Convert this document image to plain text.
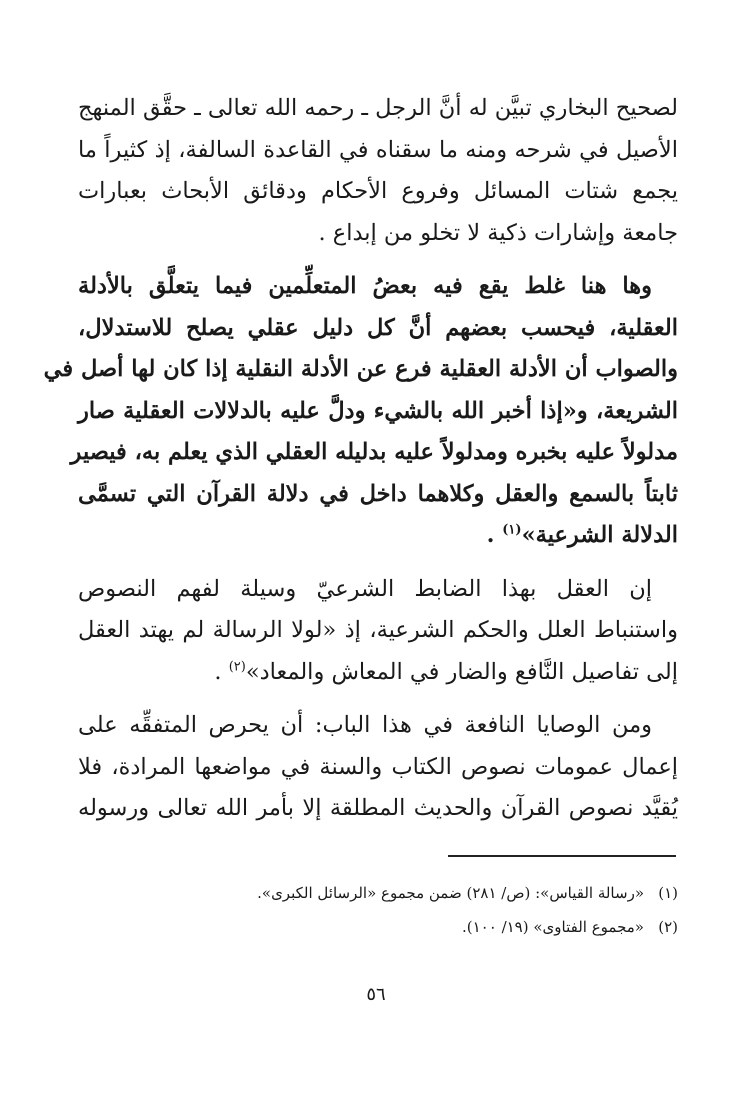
لصحيح البخاري تبيَّن له أنَّ الرجل ـ رحمه الله تعالى ـ حقَّق المنهج
الأصيل في شرحه ومنه ما سقناه في القاعدة السالفة، إذ كثيراً ما
يجمع شتات المسائل وفروع الأحكام ودقائق الأبحاث بعبارات
جامعة وإشارات ذكية لا تخلو من إبداع .

وها هنا غلط يقع فيه بعضُ المتعلِّمين فيما يتعلَّق بالأدلة
العقلية، فيحسب بعضهم أنَّ كل دليل عقلي يصلح للاستدلال،
والصواب أن الأدلة العقلية فرع عن الأدلة النقلية إذا كان لها أصل في
الشريعة، و«إذا أخبر الله بالشيء ودلَّ عليه بالدلالات العقلية صار
مدلولاً عليه بخبره ومدلولاً عليه بدليله العقلي الذي يعلم به، فيصير
ثابتاً بالسمع والعقل وكلاهما داخل في دلالة القرآن التي تسمَّى
الدلالة الشرعية»$^{(١)}$ .

إن العقل بهذا الضابط الشرعيّ وسيلة لفهم النصوص
واستنباط العلل والحكم الشرعية، إذ «لولا الرسالة لم يهتد العقل
إلى تفاصيل النَّافع والضار في المعاش والمعاد»$^{(٢)}$ .

ومن الوصايا النافعة في هذا الباب: أن يحرص المتفقِّه على
إعمال عمومات نصوص الكتاب والسنة في مواضعها المرادة، فلا
يُقيَّد نصوص القرآن والحديث المطلقة إلا بأمر الله تعالى ورسوله

(١)«رسالة القياس»: (ص/ ٢٨١) ضمن مجموع «الرسائل الكبرى».
(٢)«مجموع الفتاوى» (١٩/ ١٠٠).
٥٦
